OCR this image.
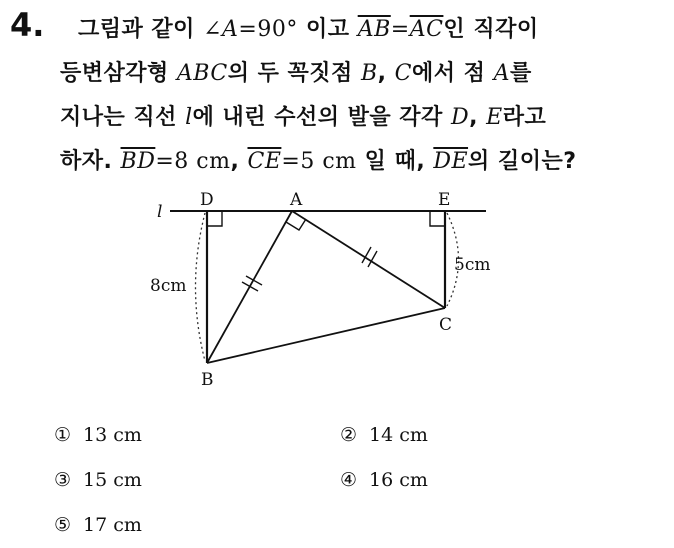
4. 그림과 같이 ∠A=90° 이고 $\overline{AB}=\overline{AC}$인 직각이
등변삼각형 ABC의 두 꼭짓점 B, C에서 점 A를
지나는 직선 l에 내린 수선의 발을 각각 D, E라고
하자. $\overline{BD}=8$ cm, $\overline{CE}=5$ cm 일 때, $\overline{DE}$의 길이는?
l
D	A	E
B
C
8cm
5cm
① 13 cm	② 14 cm
③ 15 cm	④ 16 cm
⑤ 17 cm
